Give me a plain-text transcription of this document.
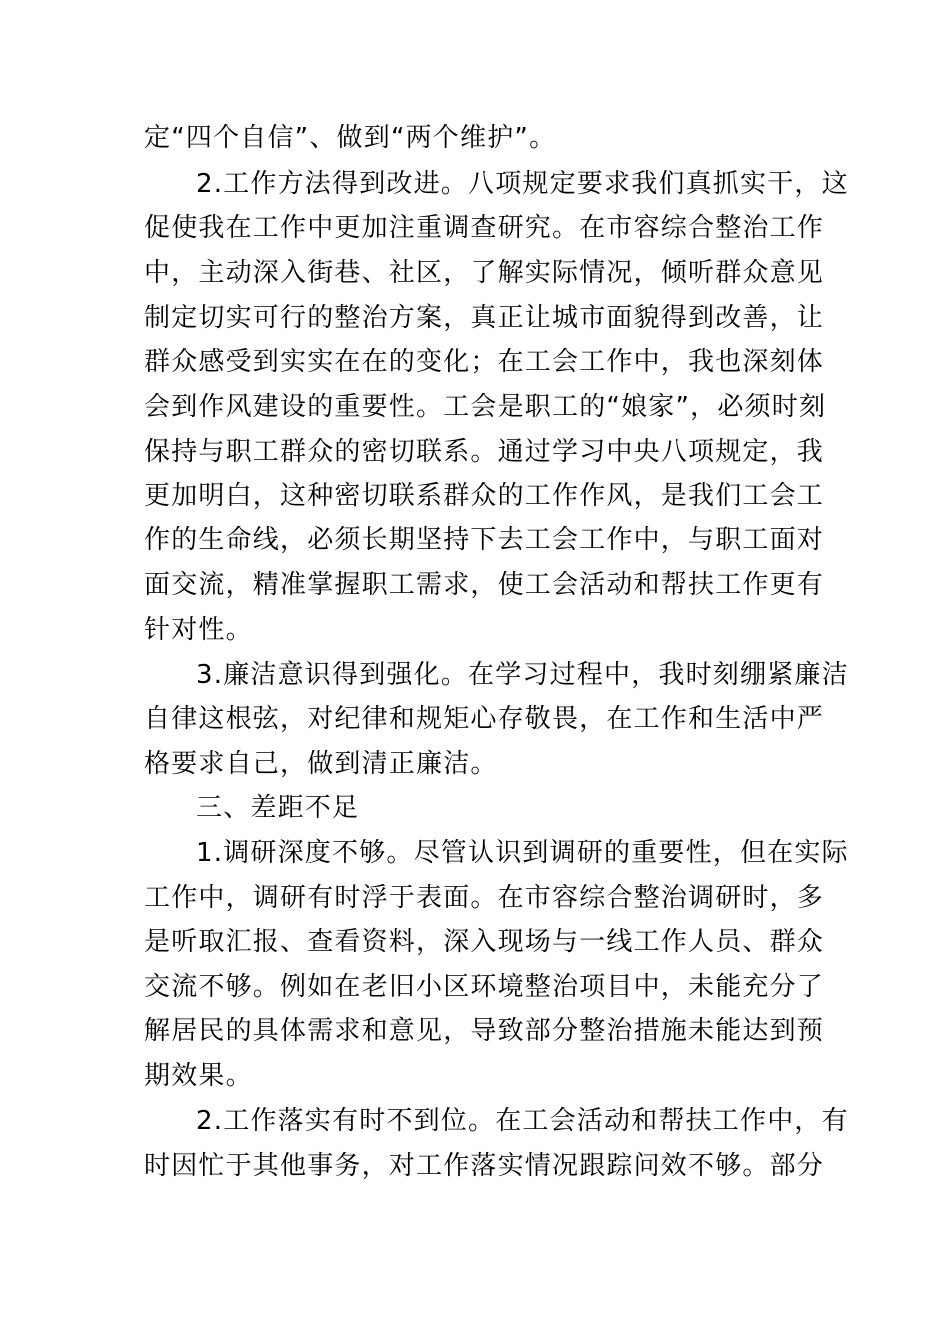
定“四个自信”、做到“两个维护”。
2.工作方法得到改进。八项规定要求我们真抓实干，这
促使我在工作中更加注重调查研究。在市容综合整治工作
中，主动深入街巷、社区，了解实际情况，倾听群众意见
制定切实可行的整治方案，真正让城市面貌得到改善，让
群众感受到实实在在的变化；在工会工作中，我也深刻体
会到作风建设的重要性。工会是职工的“娘家”，必须时刻
保持与职工群众的密切联系。通过学习中央八项规定，我
更加明白，这种密切联系群众的工作作风，是我们工会工
作的生命线，必须长期坚持下去工会工作中，与职工面对
面交流，精准掌握职工需求，使工会活动和帮扶工作更有
针对性。
3.廉洁意识得到强化。在学习过程中，我时刻绷紧廉洁
自律这根弦，对纪律和规矩心存敬畏，在工作和生活中严
格要求自己，做到清正廉洁。
三、差距不足
1.调研深度不够。尽管认识到调研的重要性，但在实际
工作中，调研有时浮于表面。在市容综合整治调研时，多
是听取汇报、查看资料，深入现场与一线工作人员、群众
交流不够。例如在老旧小区环境整治项目中，未能充分了
解居民的具体需求和意见，导致部分整治措施未能达到预
期效果。
2.工作落实有时不到位。在工会活动和帮扶工作中，有
时因忙于其他事务，对工作落实情况跟踪问效不够。部分
